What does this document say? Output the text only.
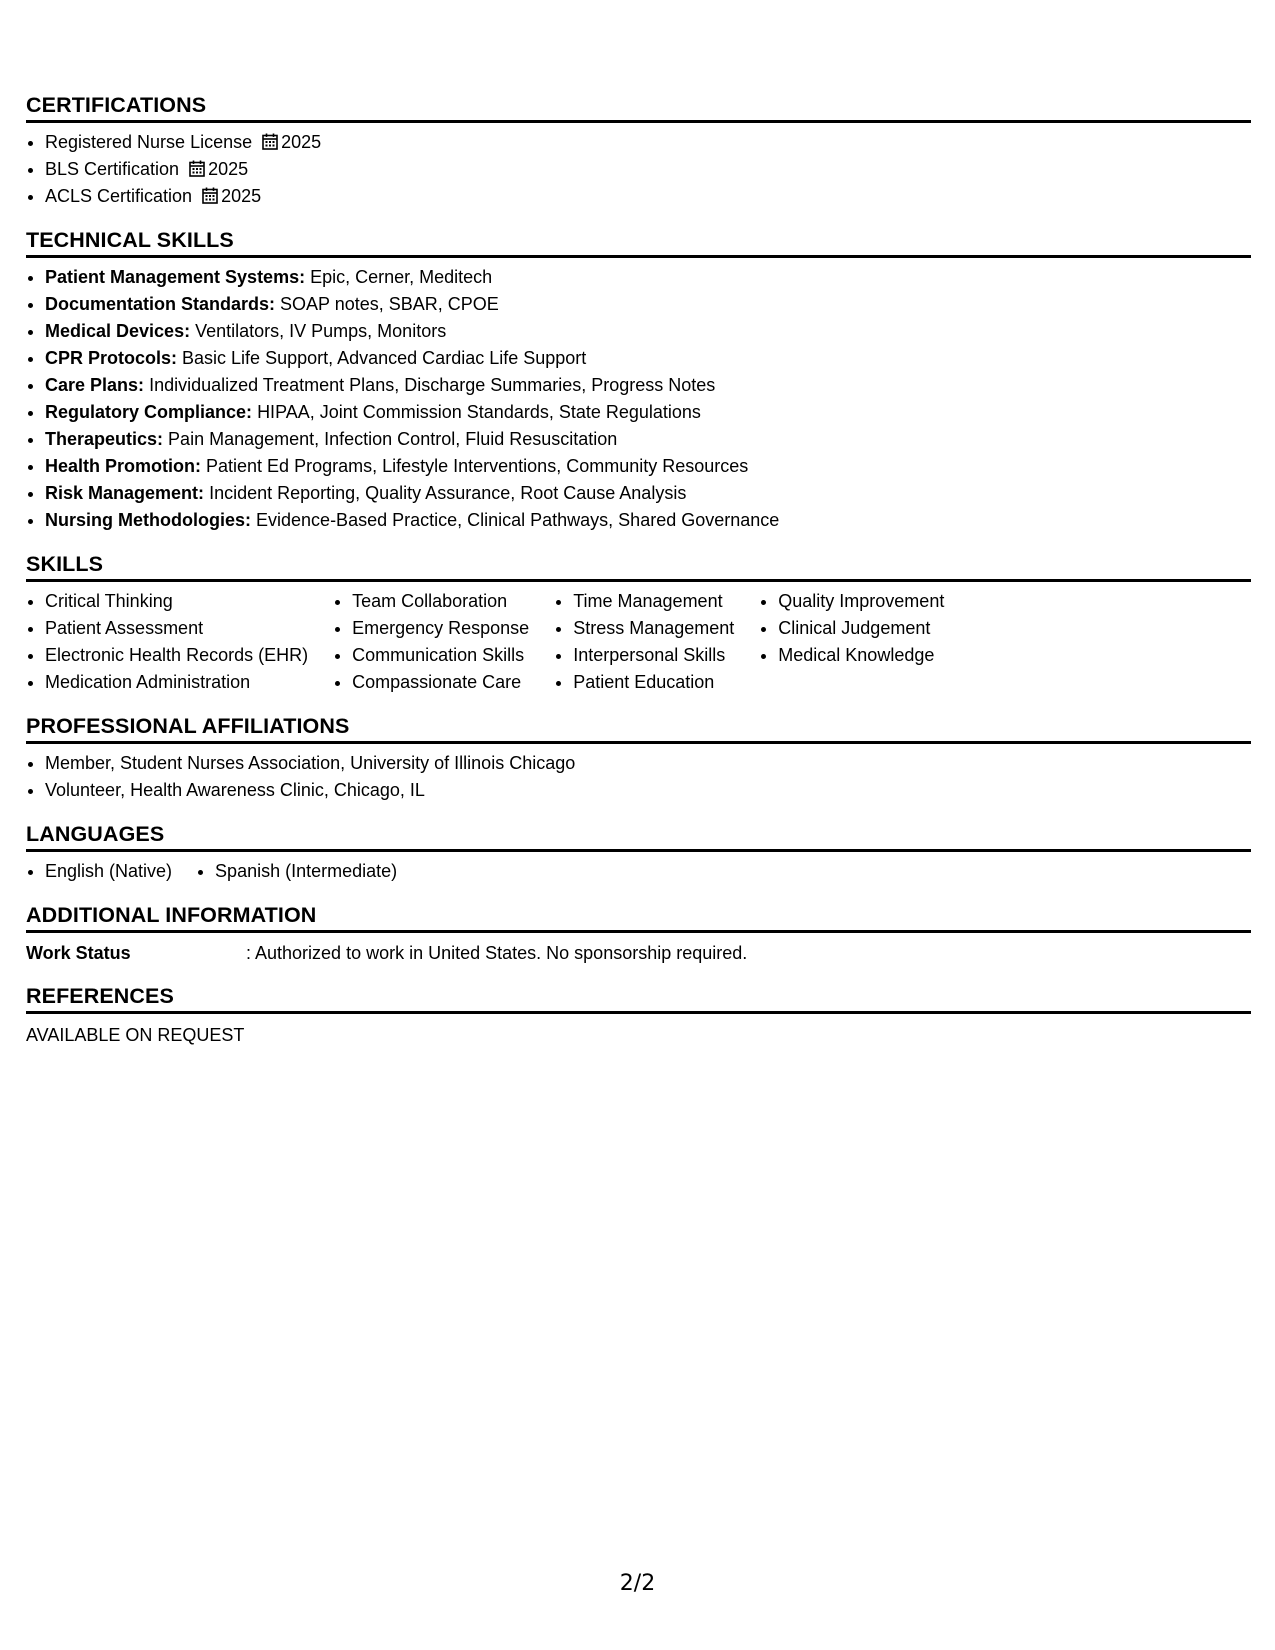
CERTIFICATIONS
• Registered Nurse License 2025
• BLS Certification 2025
• ACLS Certification 2025
TECHNICAL SKILLS
• Patient Management Systems: Epic, Cerner, Meditech
• Documentation Standards: SOAP notes, SBAR, CPOE
• Medical Devices: Ventilators, IV Pumps, Monitors
• CPR Protocols: Basic Life Support, Advanced Cardiac Life Support
• Care Plans: Individualized Treatment Plans, Discharge Summaries, Progress Notes
• Regulatory Compliance: HIPAA, Joint Commission Standards, State Regulations
• Therapeutics: Pain Management, Infection Control, Fluid Resuscitation
• Health Promotion: Patient Ed Programs, Lifestyle Interventions, Community Resources
• Risk Management: Incident Reporting, Quality Assurance, Root Cause Analysis
• Nursing Methodologies: Evidence-Based Practice, Clinical Pathways, Shared Governance
SKILLS
• Critical Thinking
• Patient Assessment
• Electronic Health Records (EHR)
• Medication Administration
• Team Collaboration
• Emergency Response
• Communication Skills
• Compassionate Care
• Time Management
• Stress Management
• Interpersonal Skills
• Patient Education
• Quality Improvement
• Clinical Judgement
• Medical Knowledge
PROFESSIONAL AFFILIATIONS
• Member, Student Nurses Association, University of Illinois Chicago
• Volunteer, Health Awareness Clinic, Chicago, IL
LANGUAGES
• English (Native)
• Spanish (Intermediate)
ADDITIONAL INFORMATION
Work Status	: Authorized to work in United States. No sponsorship required.
REFERENCES
AVAILABLE ON REQUEST
2/2
